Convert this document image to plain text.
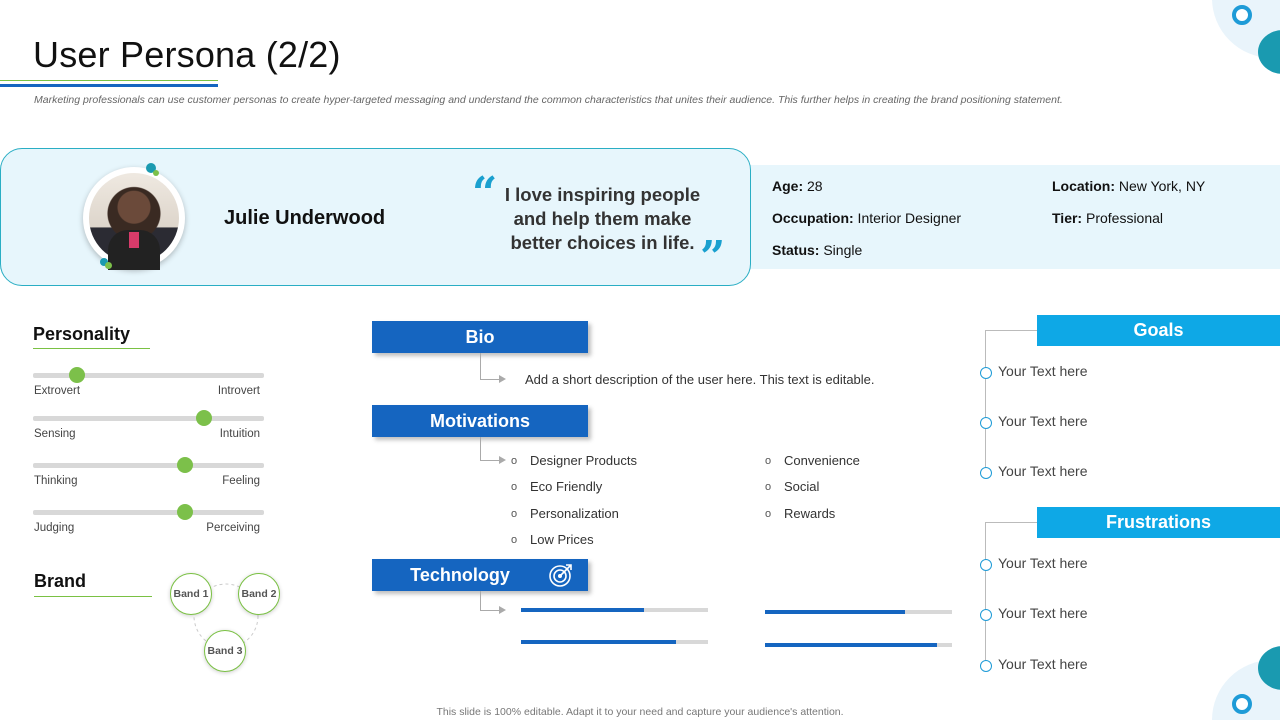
User Persona (2/2)
Marketing professionals can use customer personas to create hyper-targeted messaging and understand the common characteristics that unites their audience. This further helps in creating the brand positioning statement.
Julie Underwood “ I love inspiring people and help them make better choices in life. ”
Age: 28
Occupation: Interior Designer
Status: Single
Location: New York, NY
Tier: Professional
Personality
Extrovert	Introvert
Sensing	Intuition
Thinking	Feeling
Judging	Perceiving
Brand
Band 1	Band 2
Band 3
Bio
Add a short description of the user here. This text is editable.
Motivations
o Designer Products
o Eco Friendly
o Personalization
o Low Prices
o Convenience
o Social
o Rewards
Technology
Goals
Your Text here
Your Text here
Your Text here
Frustrations
Your Text here
Your Text here
Your Text here
This slide is 100% editable. Adapt it to your need and capture your audience's attention.
